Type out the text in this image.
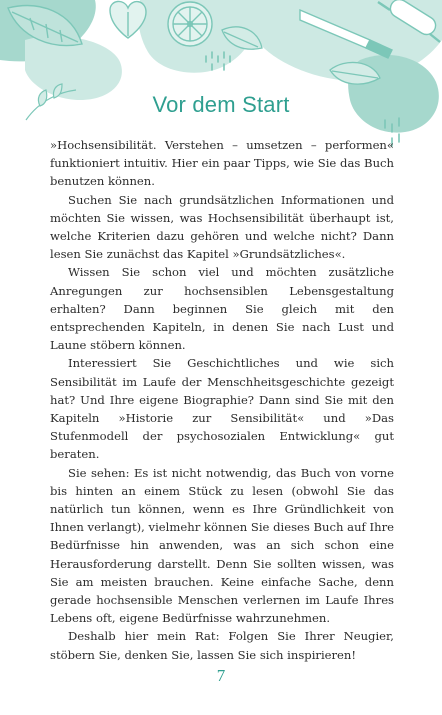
Vor dem Start

»Hochsensibilität. Verstehen – umsetzen – performen« funktioniert intuitiv. Hier ein paar Tipps, wie Sie das Buch benutzen können.

Suchen Sie nach grundsätzlichen Informationen und möchten Sie wissen, was Hochsensibilität überhaupt ist, welche Kriterien dazu gehören und welche nicht? Dann lesen Sie zunächst das Kapitel »Grundsätzliches«.

Wissen Sie schon viel und möchten zusätzliche Anregungen zur hochsensiblen Lebensgestaltung erhalten? Dann beginnen Sie gleich mit den entsprechenden Kapiteln, in denen Sie nach Lust und Laune stöbern können.

Interessiert Sie Geschichtliches und wie sich Sensibilität im Laufe der Menschheitsgeschichte gezeigt hat? Und Ihre eigene Biographie? Dann sind Sie mit den Kapiteln »Historie zur Sensibilität« und »Das Stufenmodell der psychosozialen Entwicklung« gut beraten.

Sie sehen: Es ist nicht notwendig, das Buch von vorne bis hinten an einem Stück zu lesen (obwohl Sie das natürlich tun können, wenn es Ihre Gründlichkeit von Ihnen verlangt), vielmehr können Sie dieses Buch auf Ihre Bedürfnisse hin anwenden, was an sich schon eine Herausforderung darstellt. Denn Sie sollten wissen, was Sie am meisten brauchen. Keine einfache Sache, denn gerade hochsensible Menschen verlernen im Laufe Ihres Lebens oft, eigene Bedürfnisse wahrzunehmen.

Deshalb hier mein Rat: Folgen Sie Ihrer Neugier, stöbern Sie, denken Sie, lassen Sie sich inspirieren!

7
